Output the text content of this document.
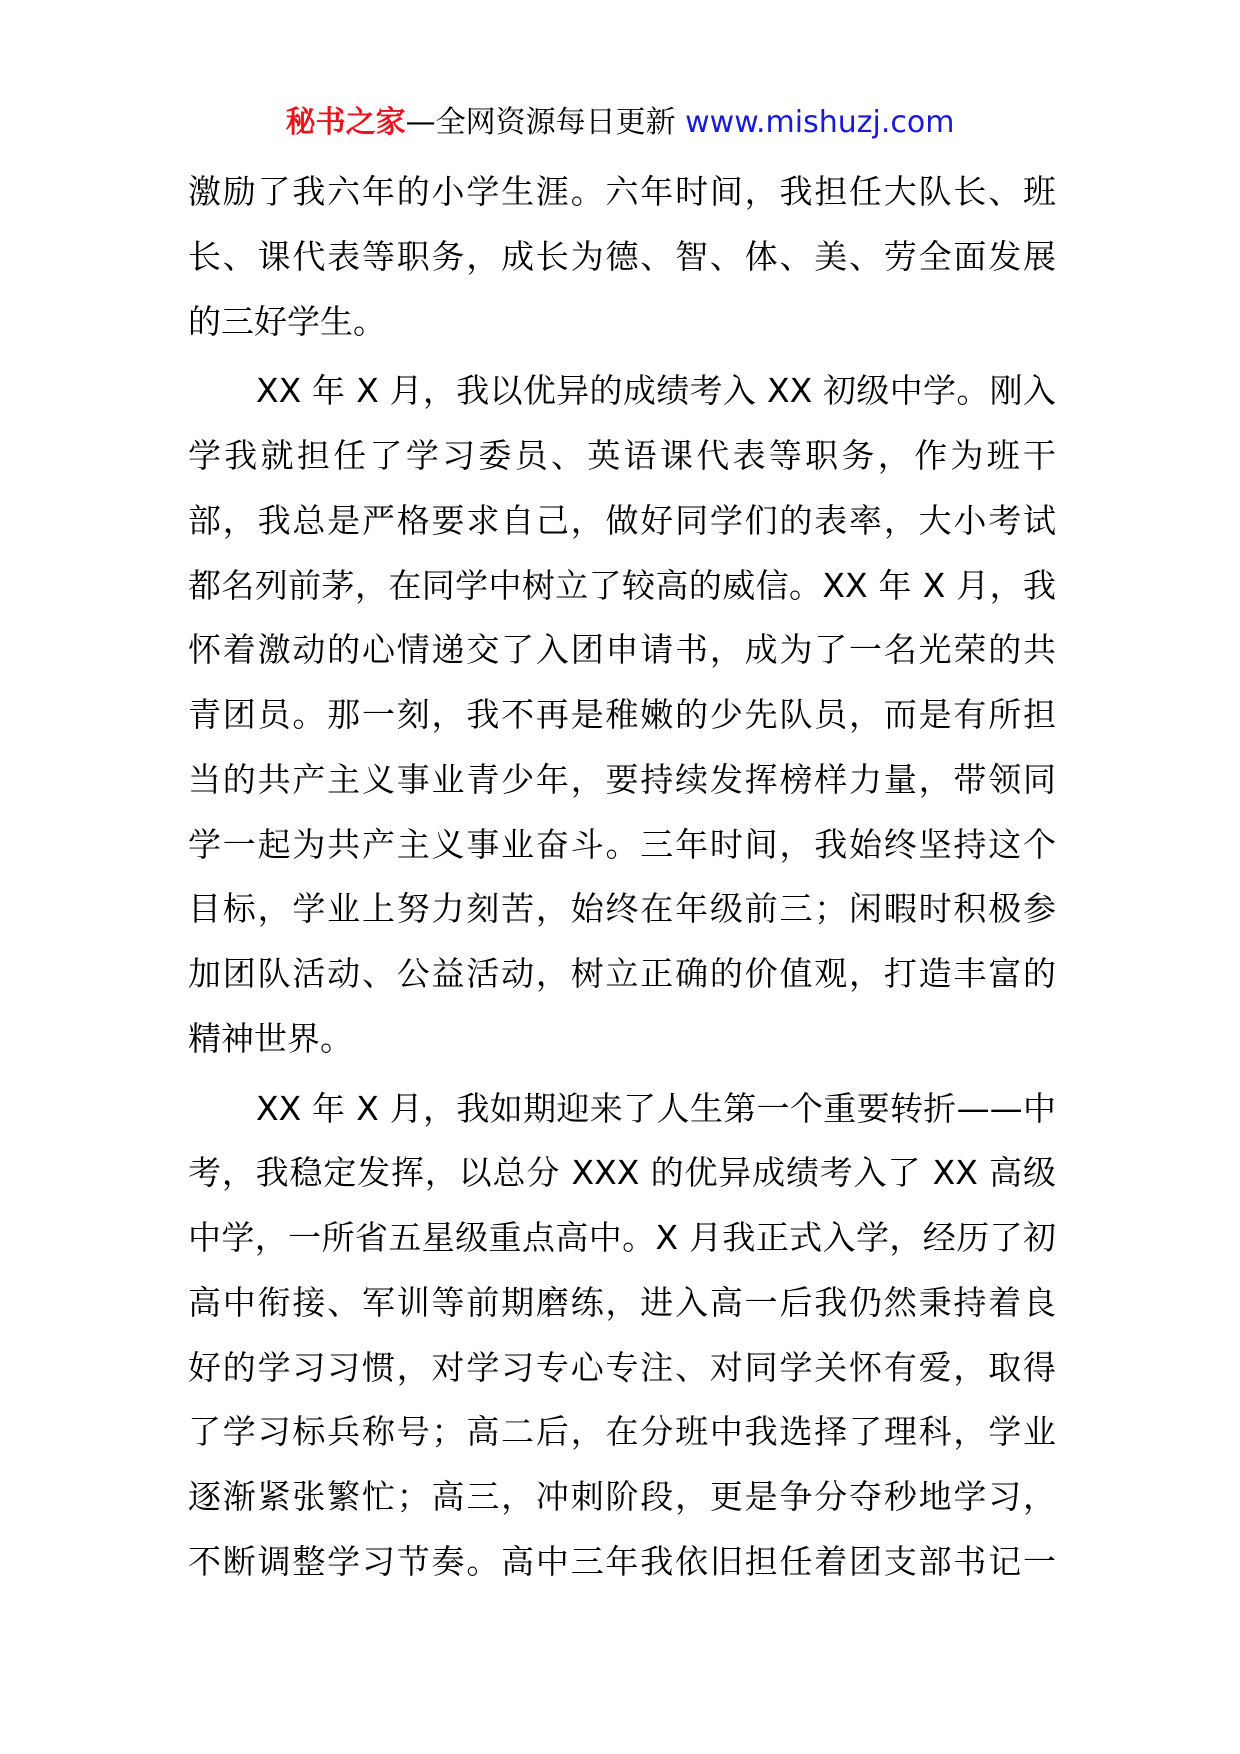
秘书之家—全网资源每日更新 www.mishuzj.com
激励了我六年的小学生涯。六年时间，我担任大队长、班
长、课代表等职务，成长为德、智、体、美、劳全面发展
的三好学生。
XX 年 X 月，我以优异的成绩考入 XX 初级中学。刚入
学我就担任了学习委员、英语课代表等职务，作为班干
部，我总是严格要求自己，做好同学们的表率，大小考试
都名列前茅，在同学中树立了较高的威信。XX 年 X 月，我
怀着激动的心情递交了入团申请书，成为了一名光荣的共
青团员。那一刻，我不再是稚嫩的少先队员，而是有所担
当的共产主义事业青少年，要持续发挥榜样力量，带领同
学一起为共产主义事业奋斗。三年时间，我始终坚持这个
目标，学业上努力刻苦，始终在年级前三；闲暇时积极参
加团队活动、公益活动，树立正确的价值观，打造丰富的
精神世界。
XX 年 X 月，我如期迎来了人生第一个重要转折——中
考，我稳定发挥，以总分 XXX 的优异成绩考入了 XX 高级
中学，一所省五星级重点高中。X 月我正式入学，经历了初
高中衔接、军训等前期磨练，进入高一后我仍然秉持着良
好的学习习惯，对学习专心专注、对同学关怀有爱，取得
了学习标兵称号；高二后，在分班中我选择了理科，学业
逐渐紧张繁忙；高三，冲刺阶段，更是争分夺秒地学习，
不断调整学习节奏。高中三年我依旧担任着团支部书记一
